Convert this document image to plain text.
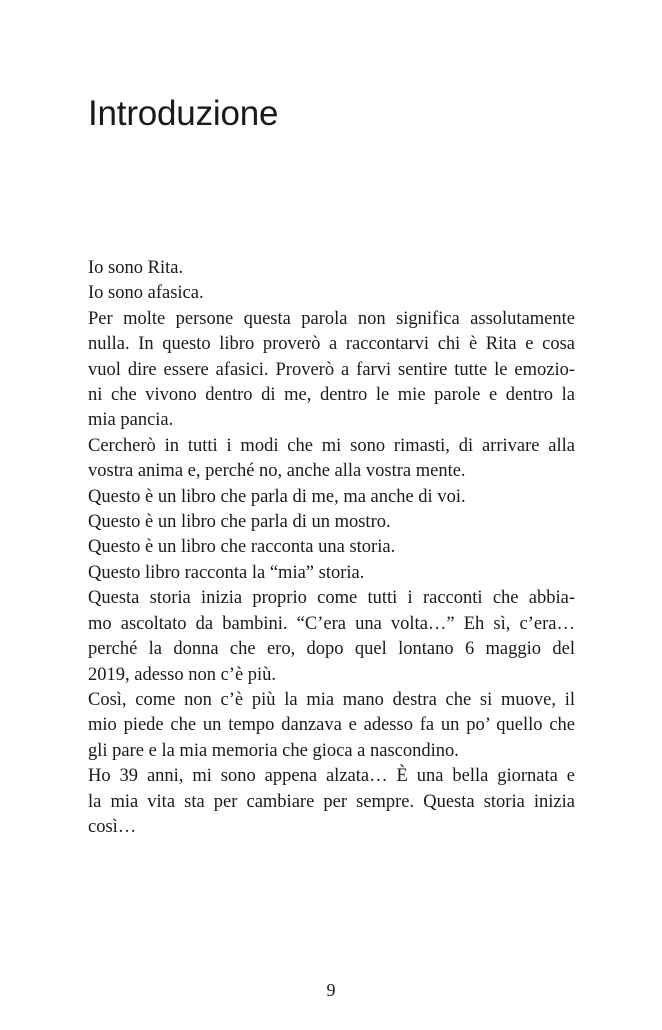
Introduzione
Io sono Rita.
Io sono afasica.
Per molte persone questa parola non significa assolutamente
nulla. In questo libro proverò a raccontarvi chi è Rita e cosa
vuol dire essere afasici. Proverò a farvi sentire tutte le emozio-
ni che vivono dentro di me, dentro le mie parole e dentro la
mia pancia.
Cercherò in tutti i modi che mi sono rimasti, di arrivare alla
vostra anima e, perché no, anche alla vostra mente.
Questo è un libro che parla di me, ma anche di voi.
Questo è un libro che parla di un mostro.
Questo è un libro che racconta una storia.
Questo libro racconta la “mia” storia.
Questa storia inizia proprio come tutti i racconti che abbia-
mo ascoltato da bambini. “C’era una volta…” Eh sì, c’era…
perché la donna che ero, dopo quel lontano 6 maggio del
2019, adesso non c’è più.
Così, come non c’è più la mia mano destra che si muove, il
mio piede che un tempo danzava e adesso fa un po’ quello che
gli pare e la mia memoria che gioca a nascondino.
Ho 39 anni, mi sono appena alzata… È una bella giornata e
la mia vita sta per cambiare per sempre. Questa storia inizia
così…
9
